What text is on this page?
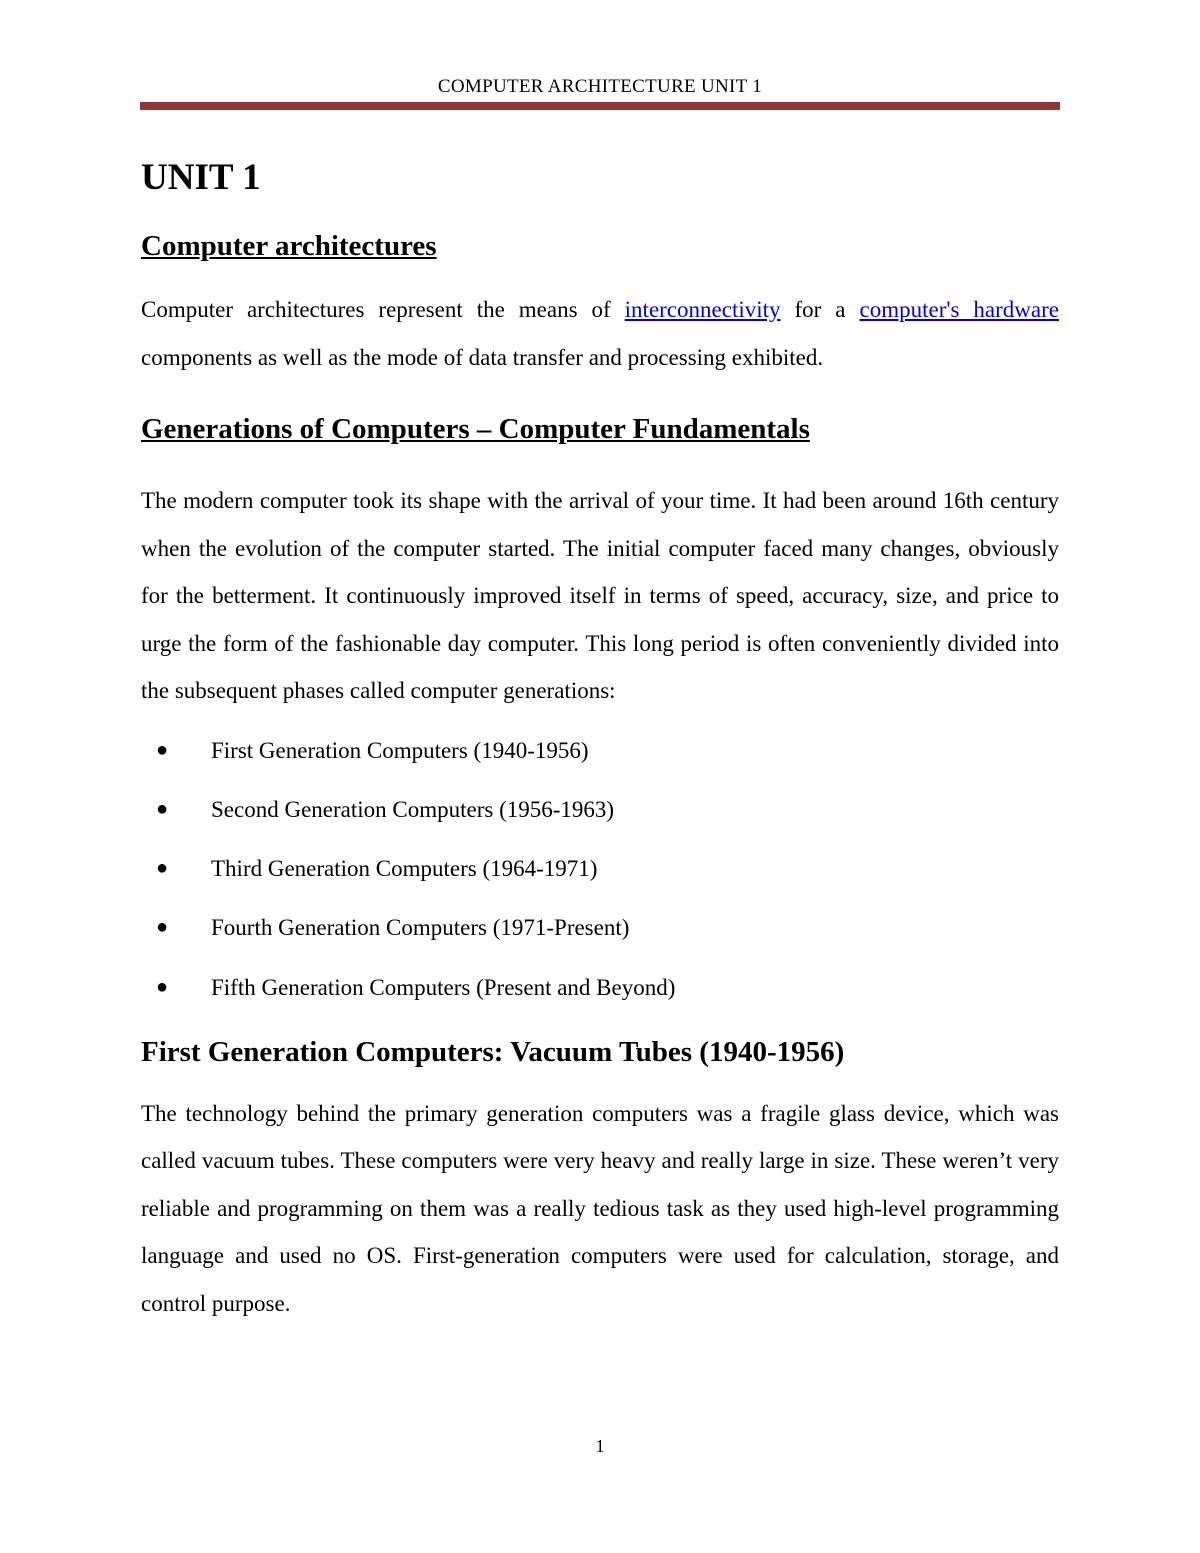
COMPUTER ARCHITECTURE UNIT 1
UNIT 1
Computer architectures

Computer architectures represent the means of interconnectivity for a computer's hardware components as well as the mode of data transfer and processing exhibited.

Generations of Computers – Computer Fundamentals

The modern computer took its shape with the arrival of your time. It had been around 16th century when the evolution of the computer started. The initial computer faced many changes, obviously for the betterment. It continuously improved itself in terms of speed, accuracy, size, and price to urge the form of the fashionable day computer. This long period is often conveniently divided into the subsequent phases called computer generations:

● First Generation Computers (1940-1956)
● Second Generation Computers (1956-1963)
● Third Generation Computers (1964-1971)
● Fourth Generation Computers (1971-Present)
● Fifth Generation Computers (Present and Beyond)
First Generation Computers: Vacuum Tubes (1940-1956)

The technology behind the primary generation computers was a fragile glass device, which was called vacuum tubes. These computers were very heavy and really large in size. These weren’t very reliable and programming on them was a really tedious task as they used high-level programming language and used no OS. First-generation computers were used for calculation, storage, and control purpose.

1
